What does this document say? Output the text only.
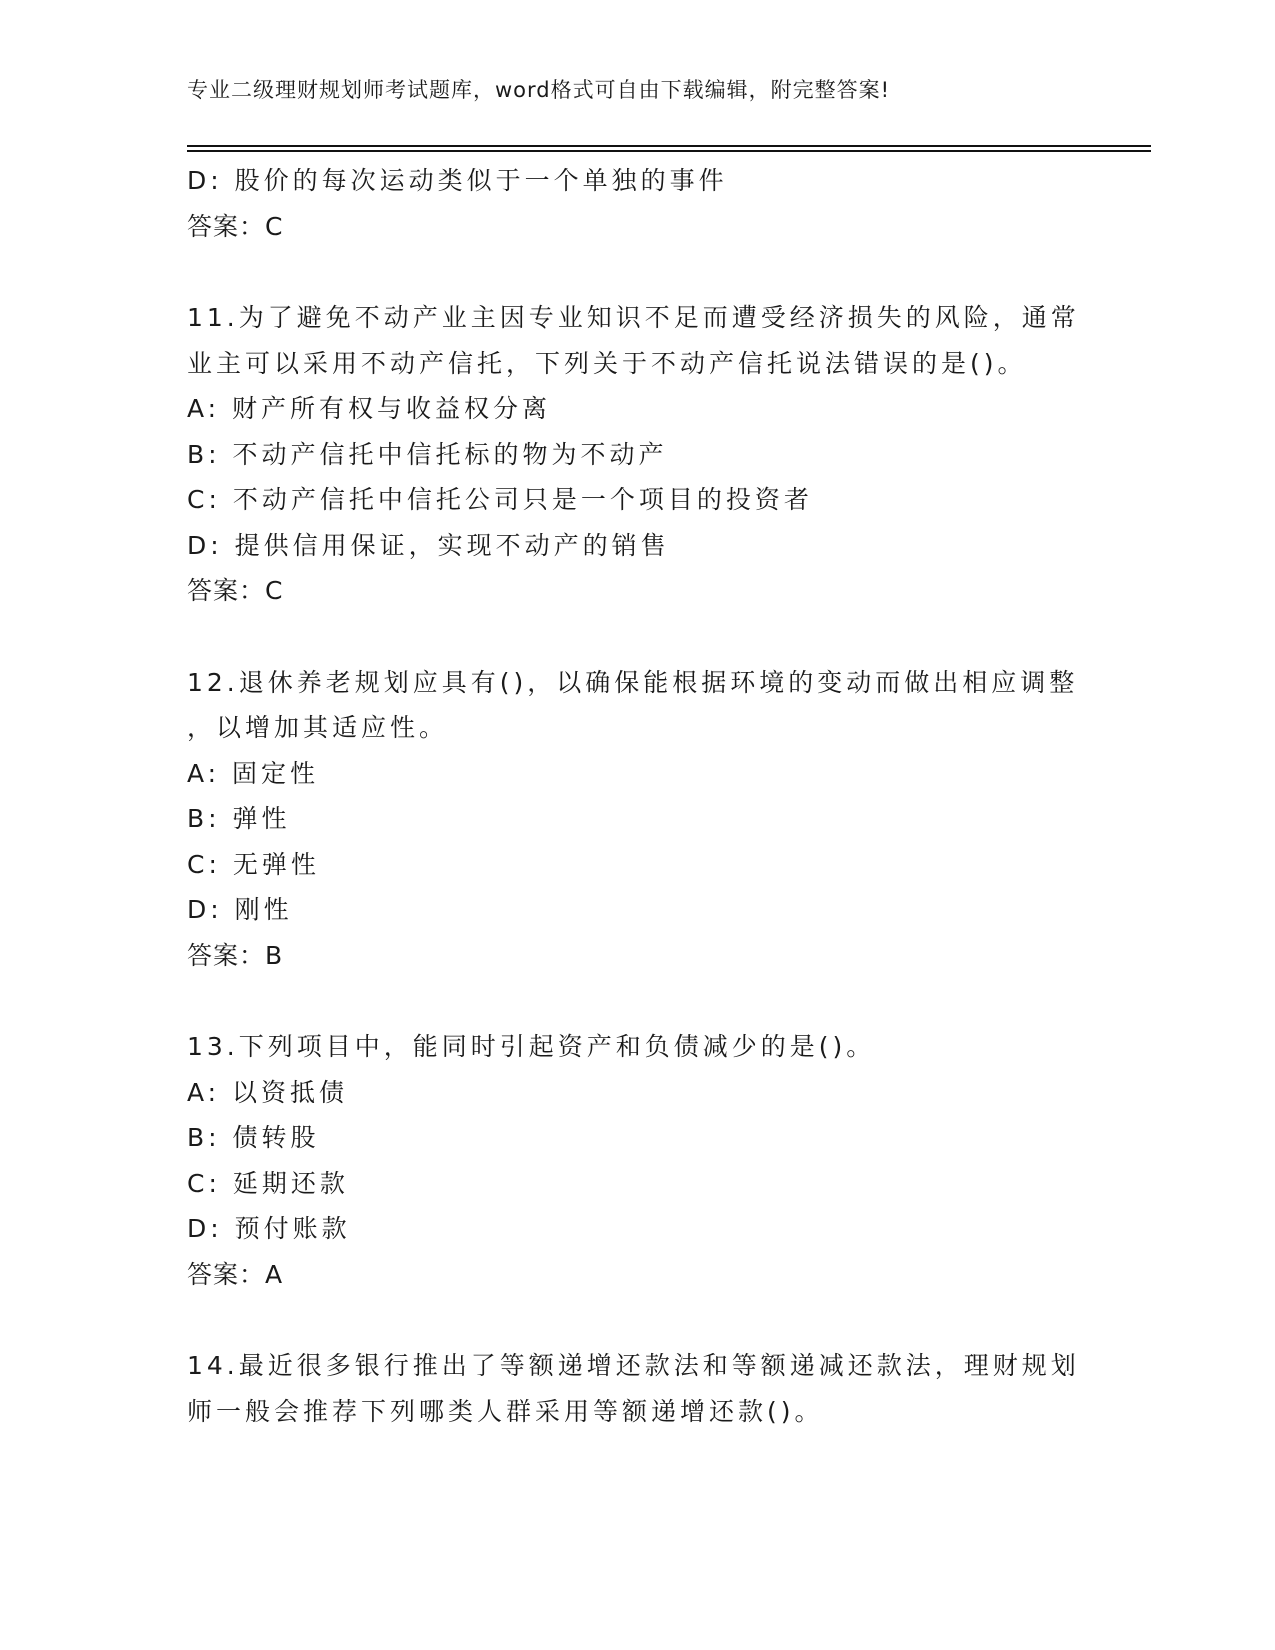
专业二级理财规划师考试题库，word格式可自由下载编辑，附完整答案!
D: 股价的每次运动类似于一个单独的事件
答案：C
11.为了避免不动产业主因专业知识不足而遭受经济损失的风险，通常
业主可以采用不动产信托，下列关于不动产信托说法错误的是()。
A: 财产所有权与收益权分离
B: 不动产信托中信托标的物为不动产
C: 不动产信托中信托公司只是一个项目的投资者
D: 提供信用保证，实现不动产的销售
答案：C
12.退休养老规划应具有()，以确保能根据环境的变动而做出相应调整
，以增加其适应性。
A: 固定性
B: 弹性
C: 无弹性
D: 刚性
答案：B
13.下列项目中，能同时引起资产和负债减少的是()。
A: 以资抵债
B: 债转股
C: 延期还款
D: 预付账款
答案：A
14.最近很多银行推出了等额递增还款法和等额递减还款法，理财规划
师一般会推荐下列哪类人群采用等额递增还款()。
